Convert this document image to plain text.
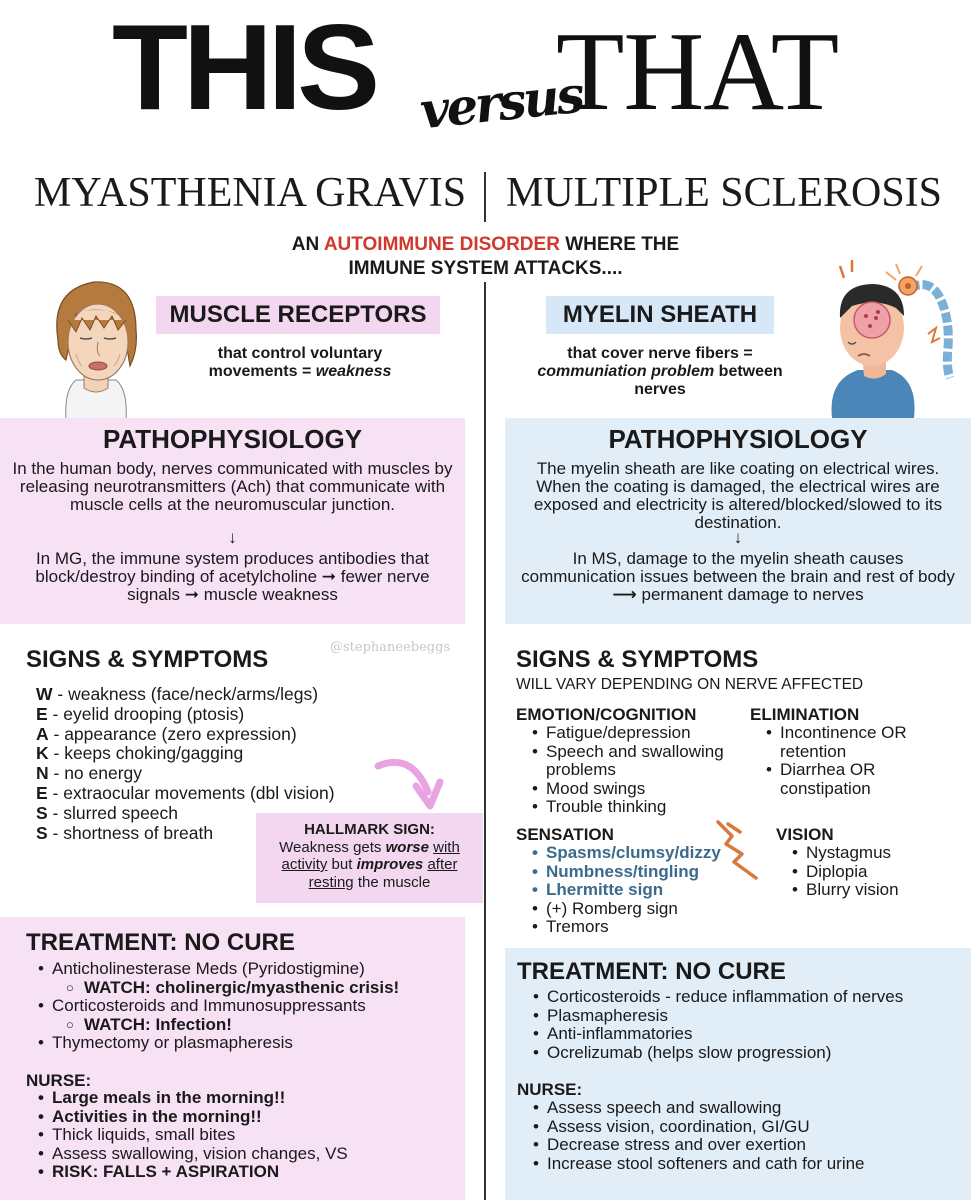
THIS versus
THAT
MYASTHENIA GRAVIS MULTIPLE SCLEROSIS
AN AUTOIMMUNE DISORDER WHERE THE
IMMUNE SYSTEM ATTACKS....
MUSCLE RECEPTORS
that control voluntary
movements = weakness
MYELIN SHEATH
that cover nerve fibers =
communiation problem between
nerves
PATHOPHYSIOLOGY
In the human body, nerves communicated with muscles by releasing neurotransmitters (Ach) that communicate with muscle cells at the neuromuscular junction.
↓
In MG, the immune system produces antibodies that block/destroy binding of acetylcholine ➞ fewer nerve signals ➞ muscle weakness
PATHOPHYSIOLOGY
The myelin sheath are like coating on electrical wires. When the coating is damaged, the electrical wires are exposed and electricity is altered/blocked/slowed to its destination.
↓
In MS, damage to the myelin sheath causes communication issues between the brain and rest of body ⟶ permanent damage to nerves
@stephaneebeggs
SIGNS & SYMPTOMS
W - weakness (face/neck/arms/legs)
E - eyelid drooping (ptosis)
A - appearance (zero expression)
K - keeps choking/gagging
N - no energy
E - extraocular movements (dbl vision)
S - slurred speech
S - shortness of breath	HALLMARK SIGN:
Weakness gets worse with
activity but improves after
resting the muscle
TREATMENT: NO CURE
• Anticholinesterase Meds (Pyridostigmine)
○ WATCH: cholinergic/myasthenic crisis!
• Corticosteroids and Immunosuppressants
○ WATCH: Infection!
• Thymectomy or plasmapheresis
NURSE:
• Large meals in the morning!!
• Activities in the morning!!
• Thick liquids, small bites
• Assess swallowing, vision changes, VS
• RISK: FALLS + ASPIRATION
SIGNS & SYMPTOMS
WILL VARY DEPENDING ON NERVE AFFECTED
EMOTION/COGNITION
• Fatigue/depression
• Speech and swallowing problems
• Mood swings
• Trouble thinking
ELIMINATION
• Incontinence OR retention
• Diarrhea OR constipation
SENSATION
• Spasms/clumsy/dizzy
• Numbness/tingling
• Lhermitte sign
• (+) Romberg sign
• Tremors
VISION
• Nystagmus
• Diplopia
• Blurry vision
TREATMENT: NO CURE
• Corticosteroids - reduce inflammation of nerves
• Plasmapheresis
• Anti-inflammatories
• Ocrelizumab (helps slow progression)
NURSE:
• Assess speech and swallowing
• Assess vision, coordination, GI/GU
• Decrease stress and over exertion
• Increase stool softeners and cath for urine
